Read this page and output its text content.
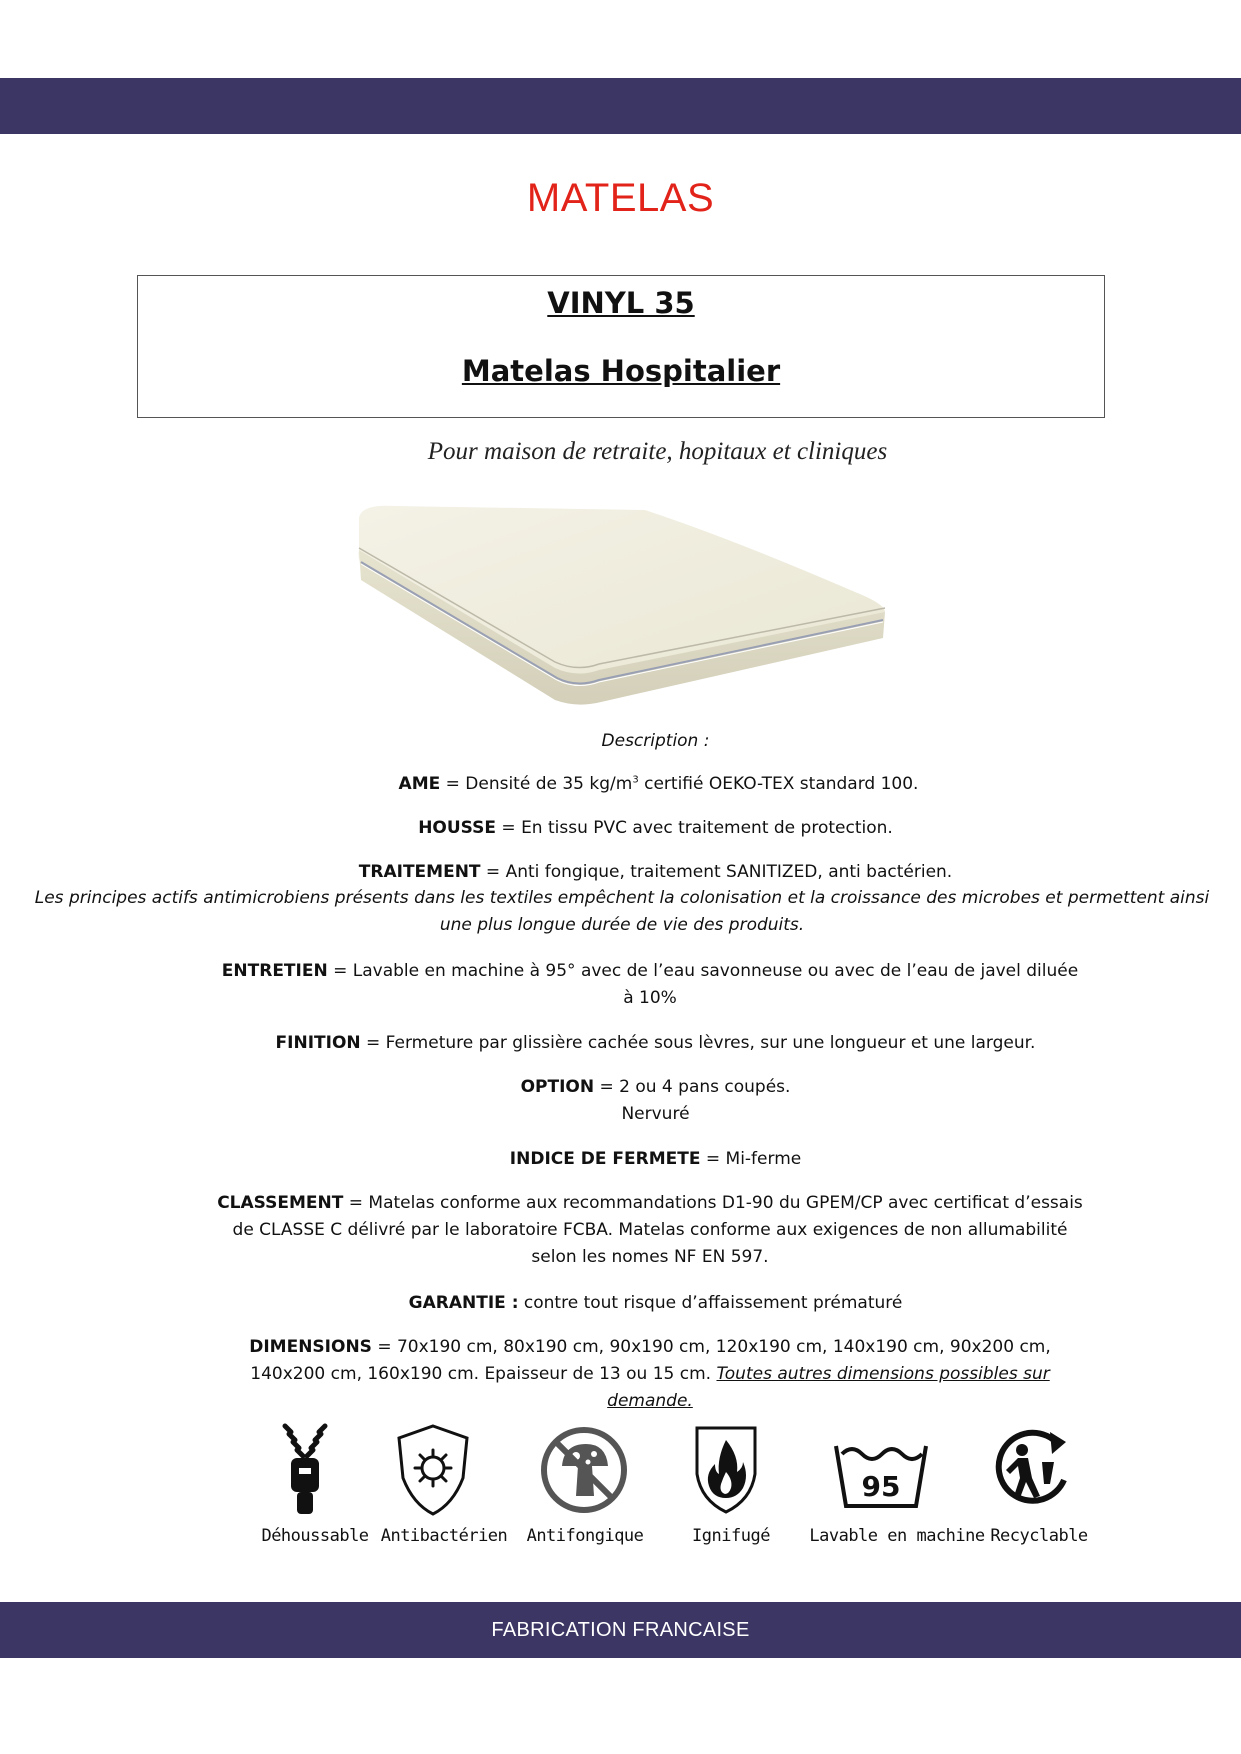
MATELAS
VINYL 35
Matelas Hospitalier
Pour maison de retraite, hopitaux et cliniques
Description :
AME = Densité de 35 $kg/m^3$ certifié OEKO-TEX standard 100.
HOUSSE = En tissu PVC avec traitement de protection.
TRAITEMENT = Anti fongique, traitement SANITIZED, anti bactérien.
Les principes actifs antimicrobiens présents dans les textiles empêchent la colonisation et la croissance des microbes et permettent ainsi une plus longue durée de vie des produits.
ENTRETIEN = Lavable en machine à 95° avec de l’eau savonneuse ou avec de l’eau de javel diluée à 10%
FINITION = Fermeture par glissière cachée sous lèvres, sur une longueur et une largeur.
OPTION = 2 ou 4 pans coupés.
Nervuré
INDICE DE FERMETE = Mi-ferme
CLASSEMENT = Matelas conforme aux recommandations D1-90 du GPEM/CP avec certificat d’essais de CLASSE C délivré par le laboratoire FCBA. Matelas conforme aux exigences de non allumabilité selon les nomes NF EN 597.
GARANTIE : contre tout risque d’affaissement prématuré
DIMENSIONS = 70x190 cm, 80x190 cm, 90x190 cm, 120x190 cm, 140x190 cm, 90x200 cm, 140x200 cm, 160x190 cm. Epaisseur de 13 ou 15 cm. Toutes autres dimensions possibles sur demande.
95
Déhoussable Antibactérien	Antifongique	Ignifugé	Lavable en machine Recyclable
FABRICATION FRANCAISE
